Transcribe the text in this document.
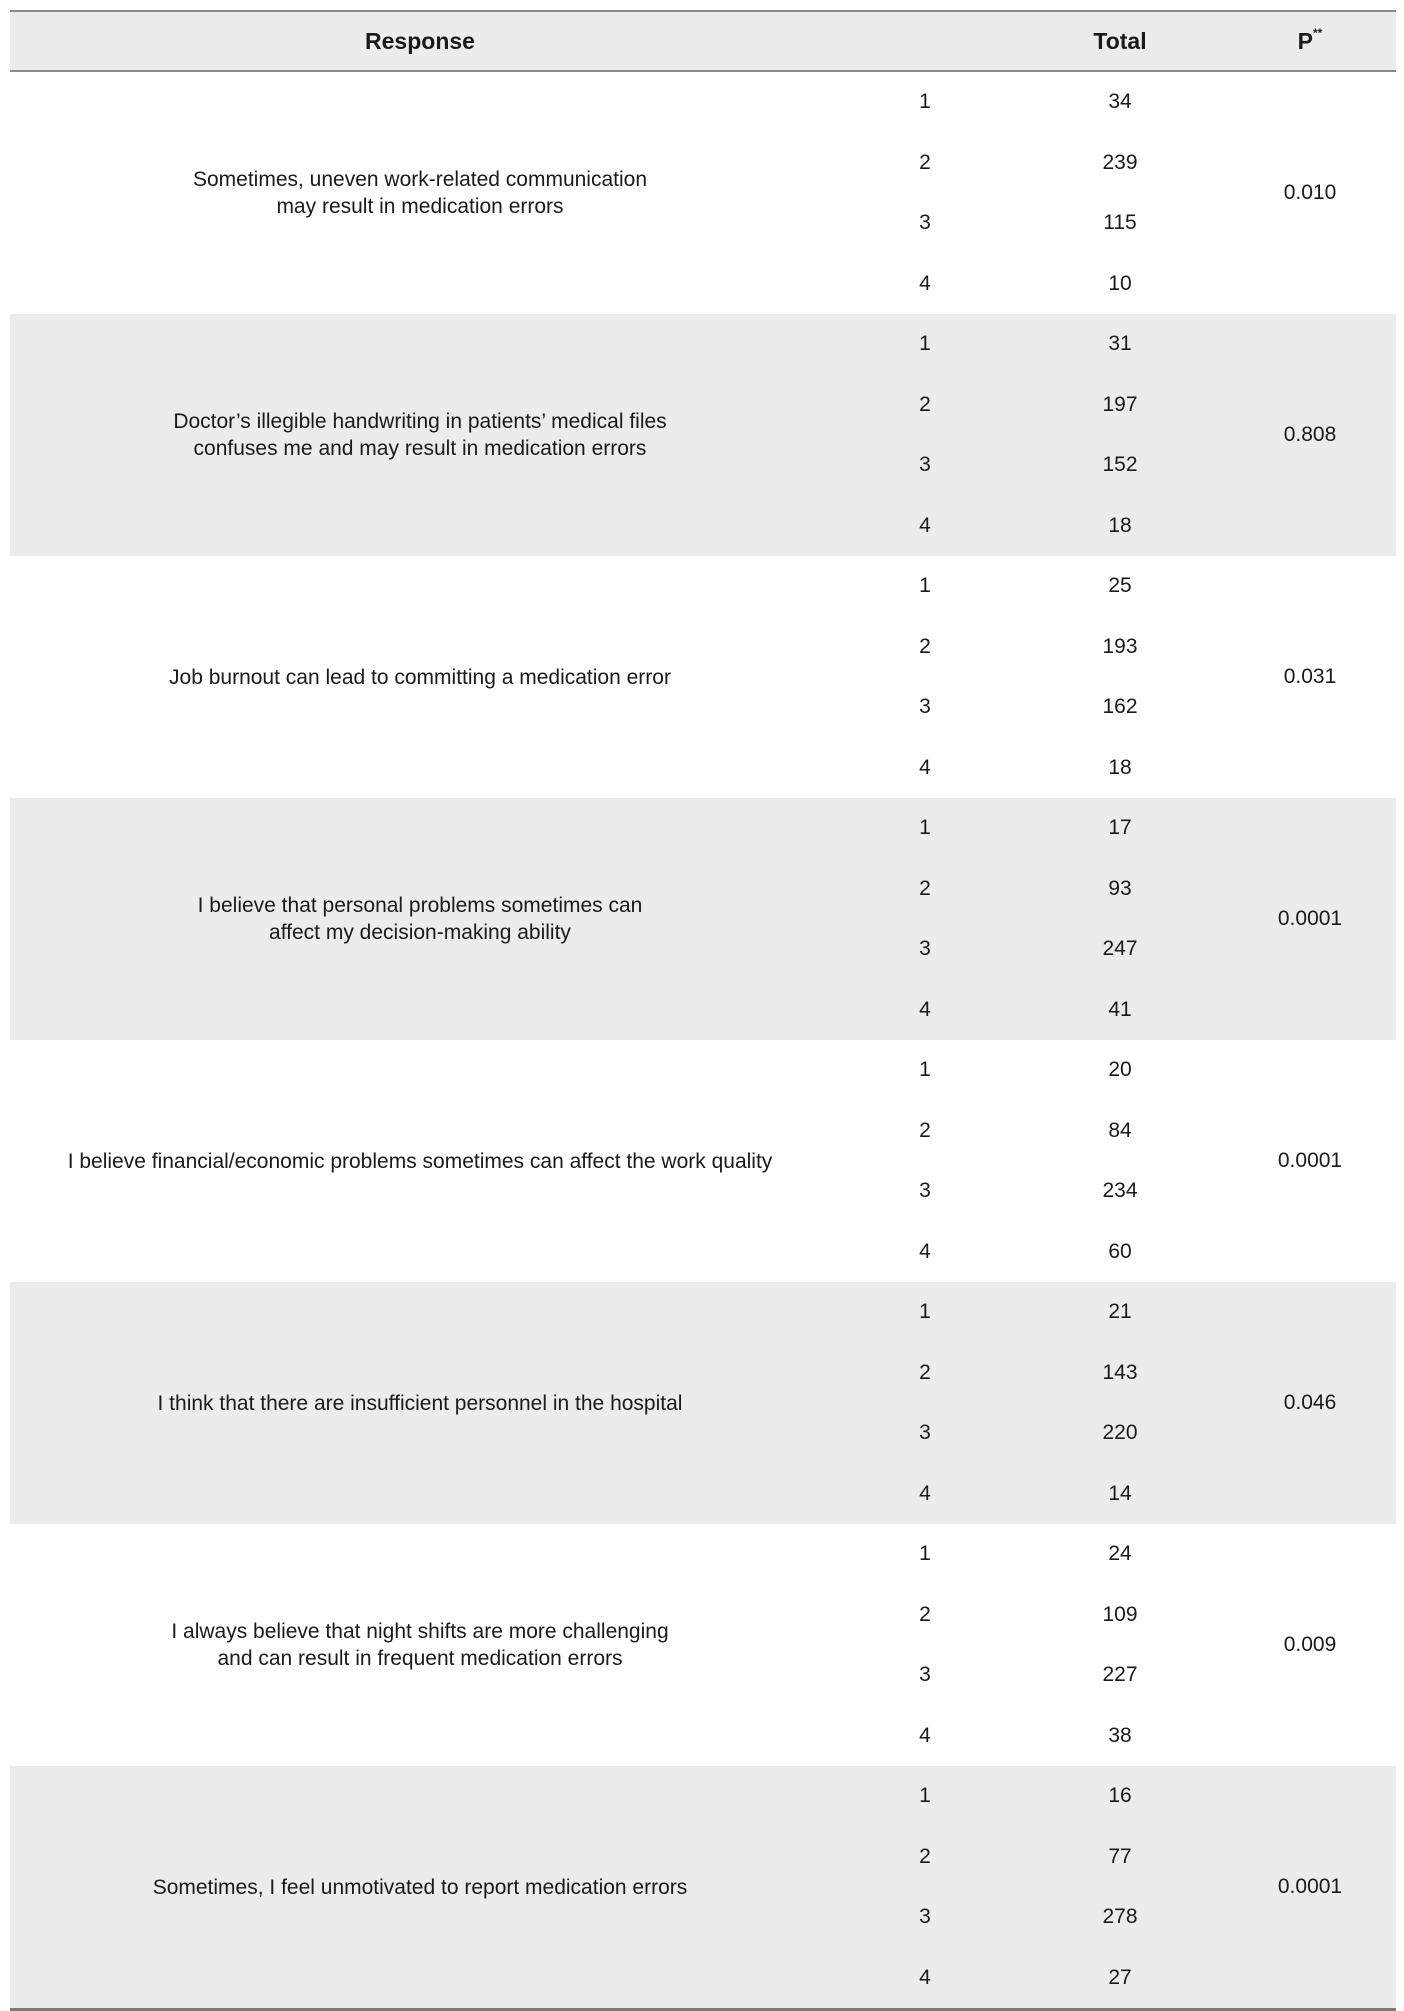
Response	Total	P**
Sometimes, uneven work-related communication
may result in medication errors
1	34
2	239
3	115
4	10
0.010
Doctor’s illegible handwriting in patients’ medical files
confuses me and may result in medication errors
1	31
2	197
3	152
4	18
0.808
Job burnout can lead to committing a medication error
1	25
2	193
3	162
4	18
0.031
I believe that personal problems sometimes can
affect my decision-making ability
1	17
2	93
3	247
4	41
0.0001
I believe financial/economic problems sometimes can affect the work quality
1	20
2	84
3	234
4	60
0.0001
I think that there are insufficient personnel in the hospital
1	21
2	143
3	220
4	14
0.046
I always believe that night shifts are more challenging
and can result in frequent medication errors
1	24
2	109
3	227
4	38
0.009
Sometimes, I feel unmotivated to report medication errors
1	16
2	77
3	278
4	27
0.0001
